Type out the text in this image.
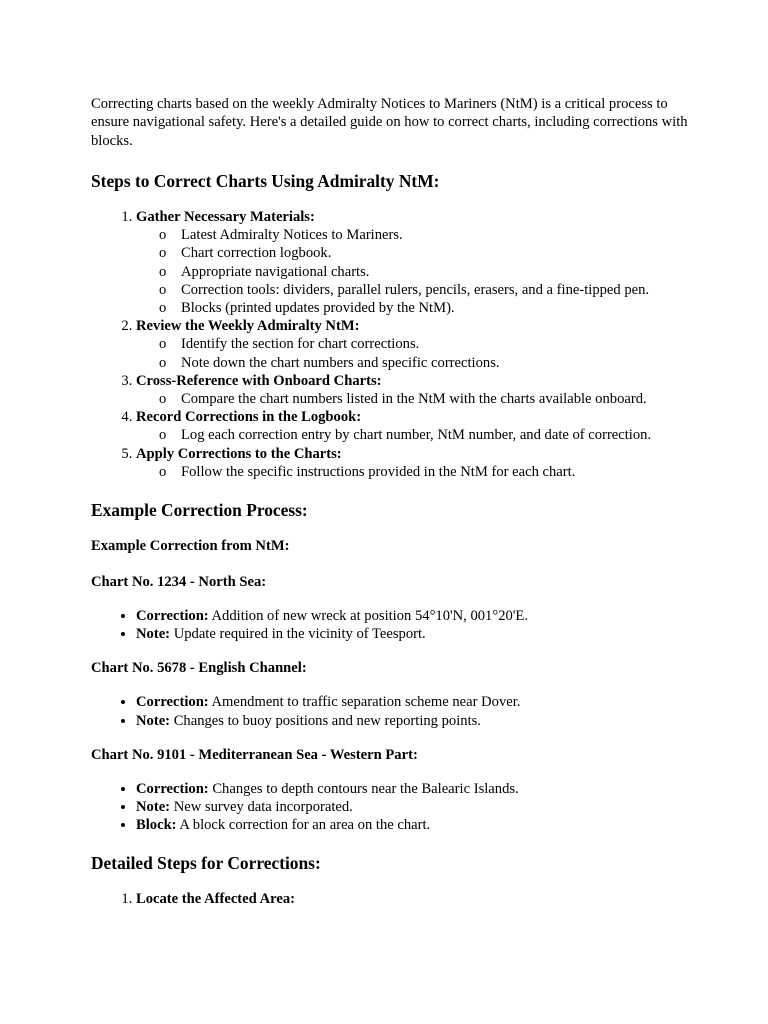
Correcting charts based on the weekly Admiralty Notices to Mariners (NtM) is a critical process to ensure navigational safety. Here's a detailed guide on how to correct charts, including corrections with blocks.

Steps to Correct Charts Using Admiralty NtM:
1. Gather Necessary Materials:
o Latest Admiralty Notices to Mariners.
o Chart correction logbook.
o Appropriate navigational charts.
o Correction tools: dividers, parallel rulers, pencils, erasers, and a fine-tipped pen.
o Blocks (printed updates provided by the NtM).
2. Review the Weekly Admiralty NtM:
o Identify the section for chart corrections.
o Note down the chart numbers and specific corrections.
3. Cross-Reference with Onboard Charts:
o Compare the chart numbers listed in the NtM with the charts available onboard.
4. Record Corrections in the Logbook:
o Log each correction entry by chart number, NtM number, and date of correction.
5. Apply Corrections to the Charts:
o Follow the specific instructions provided in the NtM for each chart.
Example Correction Process:
Example Correction from NtM:
Chart No. 1234 - North Sea:
• Correction: Addition of new wreck at position 54°10'N, 001°20'E.
• Note: Update required in the vicinity of Teesport.
Chart No. 5678 - English Channel:
• Correction: Amendment to traffic separation scheme near Dover.
• Note: Changes to buoy positions and new reporting points.
Chart No. 9101 - Mediterranean Sea - Western Part:
• Correction: Changes to depth contours near the Balearic Islands.
• Note: New survey data incorporated.
• Block: A block correction for an area on the chart.
Detailed Steps for Corrections:
1. Locate the Affected Area:
